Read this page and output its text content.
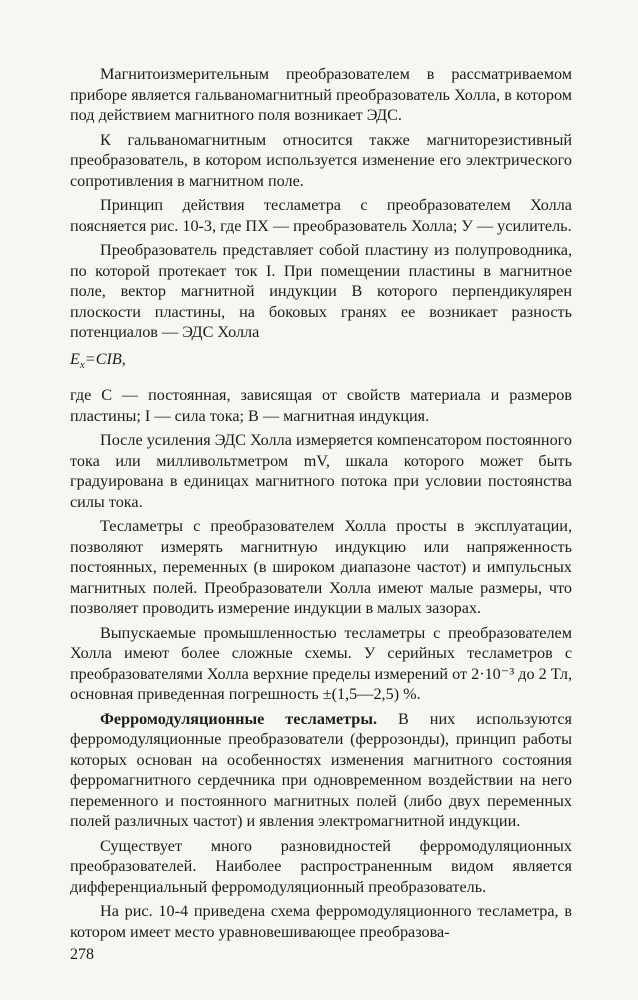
Магнитоизмерительным преобразователем в рассматриваемом приборе является гальваномагнитный преобразователь Холла, в котором под действием магнитного поля возникает ЭДС.

К гальваномагнитным относится также магниторезистивный преобразователь, в котором используется изменение его электрического сопротивления в магнитном поле.

Принцип действия тесламетра с преобразователем Холла поясняется рис. 10-3, где ПХ — преобразователь Холла; У — усилитель.

Преобразователь представляет собой пластину из полупроводника, по которой протекает ток I. При помещении пластины в магнитное поле, вектор магнитной индукции B которого перпендикулярен плоскости пластины, на боковых гранях ее возникает разность потенциалов — ЭДС Холла

$E_x=CIB$,

где C — постоянная, зависящая от свойств материала и размеров пластины; I — сила тока; B — магнитная индукция.

После усиления ЭДС Холла измеряется компенсатором постоянного тока или милливольтметром mV, шкала которого может быть градуирована в единицах магнитного потока при условии постоянства силы тока.

Тесламетры с преобразователем Холла просты в эксплуатации, позволяют измерять магнитную индукцию или напряженность постоянных, переменных (в широком диапазоне частот) и импульсных магнитных полей. Преобразователи Холла имеют малые размеры, что позволяет проводить измерение индукции в малых зазорах.

Выпускаемые промышленностью тесламетры с преобразователем Холла имеют более сложные схемы. У серийных тесламетров с преобразователями Холла верхние пределы измерений от 2·10⁻³ до 2 Тл, основная приведенная погрешность ±(1,5—2,5) %.

Ферромодуляционные тесламетры. В них используются ферромодуляционные преобразователи (феррозонды), принцип работы которых основан на особенностях изменения магнитного состояния ферромагнитного сердечника при одновременном воздействии на него переменного и постоянного магнитных полей (либо двух переменных полей различных частот) и явления электромагнитной индукции.

Существует много разновидностей ферромодуляционных преобразователей. Наиболее распространенным видом является дифференциальный ферромодуляционный преобразователь.

На рис. 10-4 приведена схема ферромодуляционного тесламетра, в котором имеет место уравновешивающее преобразова-

278
